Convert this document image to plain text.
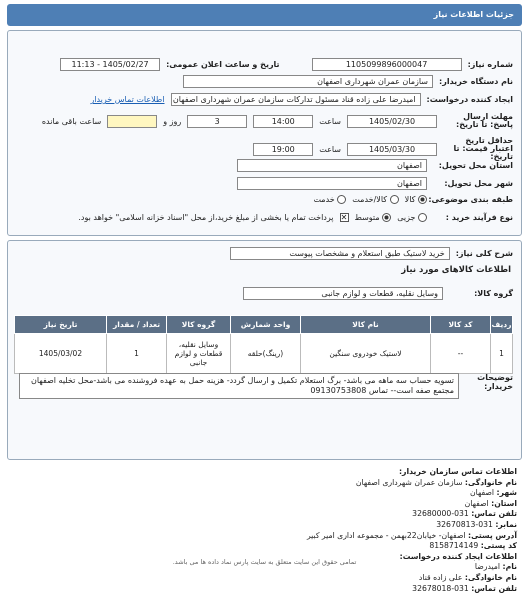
جزئیات اطلاعات نیاز
شماره نیاز:
1105099896000047
تاریخ و ساعت اعلان عمومی:
1405/02/27 - 11:13
نام دستگاه خریدار:
سازمان عمران شهرداری اصفهان
ایجاد کننده درخواست:
امیدرضا علی زاده قناد مسئول تدارکات سازمان عمران شهرداری اصفهان
اطلاعات تماس خریدار
مهلت ارسال پاسخ: تا تاریخ:
1405/02/30
ساعت
14:00
3
روز و
ساعت باقی مانده
حداقل تاریخ اعتبار قیمت: تا تاریخ:
1405/03/30
ساعت
19:00
استان محل تحویل:
اصفهان
شهر محل تحویل:
اصفهان
طبقه بندی موضوعی:
کالا
کالا/خدمت
خدمت
نوع فرآیند خرید :
جزیی
متوسط
✕
پرداخت تمام یا بخشی از مبلغ خرید،از محل "اسناد خزانه اسلامی" خواهد بود.
شرح کلی نیاز:
خرید لاستیک طبق استعلام و مشخصات پیوست
اطلاعات کالاهای مورد نیاز
گروه کالا:
وسایل نقلیه، قطعات و لوازم جانبی
ردیف	کد کالا	نام کالا	واحد شمارش	گروه کالا	تعداد / مقدار	تاریخ نیاز
1	--	لاستیک خودروی سنگین	(رینگ)حلقه	وسایل نقلیه، قطعات و لوازم جانبی	1	1405/03/02
توضیحات خریدار:
تسویه حساب سه ماهه می باشد- برگ استعلام تکمیل و ارسال گردد- هزینه حمل به عهده فروشنده می باشد-محل تخلیه اصفهان مجتمع صفه است-- تماس 09130753808
اطلاعات تماس سازمان خریدار:
نام خانوادگی: سازمان عمران شهرداری اصفهان
شهر: اصفهان
استان: اصفهان
تلفن تماس: 031-32680000
نمابر: 031-32670813
آدرس پستی: اصفهان- خیابان22بهمن - مجموعه اداری امیر کبیر
کد پستی: 8158714149
اطلاعات ایجاد کننده درخواست:
نام: امیدرضا
نام خانوادگی: علی زاده قناد
تلفن تماس: 031-32678018
تمامی حقوق این سایت متعلق به سایت پارس نماد داده ها می باشد.
